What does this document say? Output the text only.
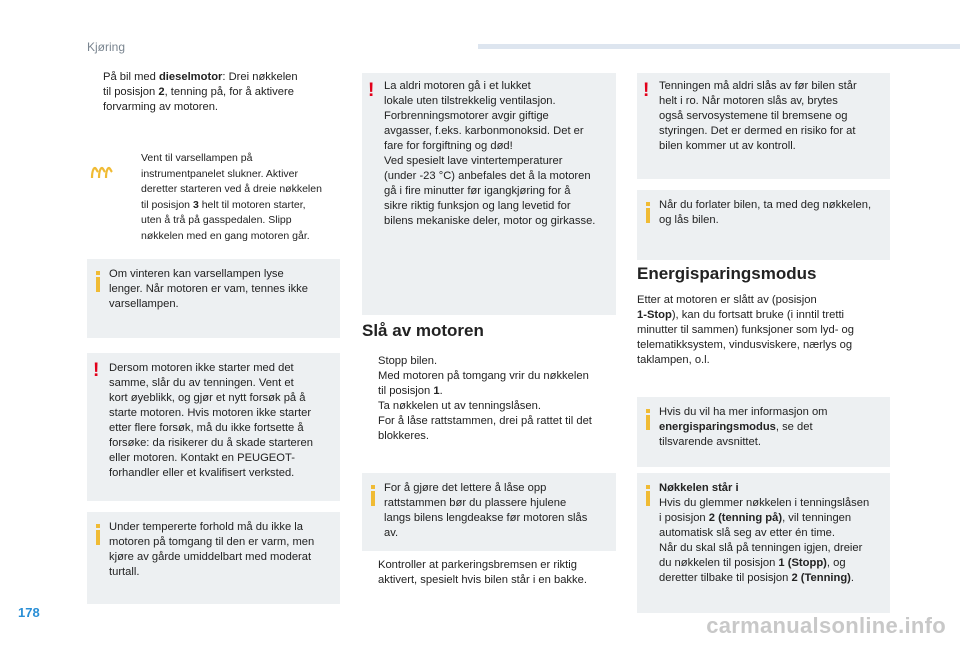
Kjøring
På bil med dieselmotor: Drei nøkkelen
til posisjon 2, tenning på, for å aktivere
forvarming av motoren.
Vent til varsellampen på
instrumentpanelet slukner. Aktiver
deretter starteren ved å dreie nøkkelen
til posisjon 3 helt til motoren starter,
uten å trå på gasspedalen. Slipp
nøkkelen med en gang motoren går.
Om vinteren kan varsellampen lyse
lenger. Når motoren er vam, tennes ikke
varsellampen.
! Dersom motoren ikke starter med det
samme, slår du av tenningen. Vent et
kort øyeblikk, og gjør et nytt forsøk på å
starte motoren. Hvis motoren ikke starter
etter flere forsøk, må du ikke fortsette å
forsøke: da risikerer du å skade starteren
eller motoren. Kontakt en PEUGEOT-
forhandler eller et kvalifisert verksted.
Under tempererte forhold må du ikke la
motoren på tomgang til den er varm, men
kjøre av gårde umiddelbart med moderat
turtall.
! La aldri motoren gå i et lukket
lokale uten tilstrekkelig ventilasjon.
Forbrenningsmotorer avgir giftige
avgasser, f.eks. karbonmonoksid. Det er
fare for forgiftning og død!
Ved spesielt lave vintertemperaturer
(under -23 °C) anbefales det å la motoren
gå i fire minutter før igangkjøring for å
sikre riktig funksjon og lang levetid for
bilens mekaniske deler, motor og girkasse.
Slå av motoren
Stopp bilen.
Med motoren på tomgang vrir du nøkkelen
til posisjon 1.
Ta nøkkelen ut av tenningslåsen.
For å låse rattstammen, drei på rattet til det
blokkeres.
For å gjøre det lettere å låse opp
rattstammen bør du plassere hjulene
langs bilens lengdeakse før motoren slås
av.
Kontroller at parkeringsbremsen er riktig
aktivert, spesielt hvis bilen står i en bakke.
! Tenningen må aldri slås av før bilen står
helt i ro. Når motoren slås av, brytes
også servosystemene til bremsene og
styringen. Det er dermed en risiko for at
bilen kommer ut av kontroll.
Når du forlater bilen, ta med deg nøkkelen,
og lås bilen.
Energisparingsmodus
Etter at motoren er slått av (posisjon
1-Stop), kan du fortsatt bruke (i inntil tretti
minutter til sammen) funksjoner som lyd- og
telematikksystem, vindusviskere, nærlys og
taklampen, o.l.
Hvis du vil ha mer informasjon om
energisparingsmodus, se det
tilsvarende avsnittet.
Nøkkelen står i
Hvis du glemmer nøkkelen i tenningslåsen
i posisjon 2 (tenning på), vil tenningen
automatisk slå seg av etter én time.
Når du skal slå på tenningen igjen, dreier
du nøkkelen til posisjon 1 (Stopp), og
deretter tilbake til posisjon 2 (Tenning).
178
carmanualsonline.info
